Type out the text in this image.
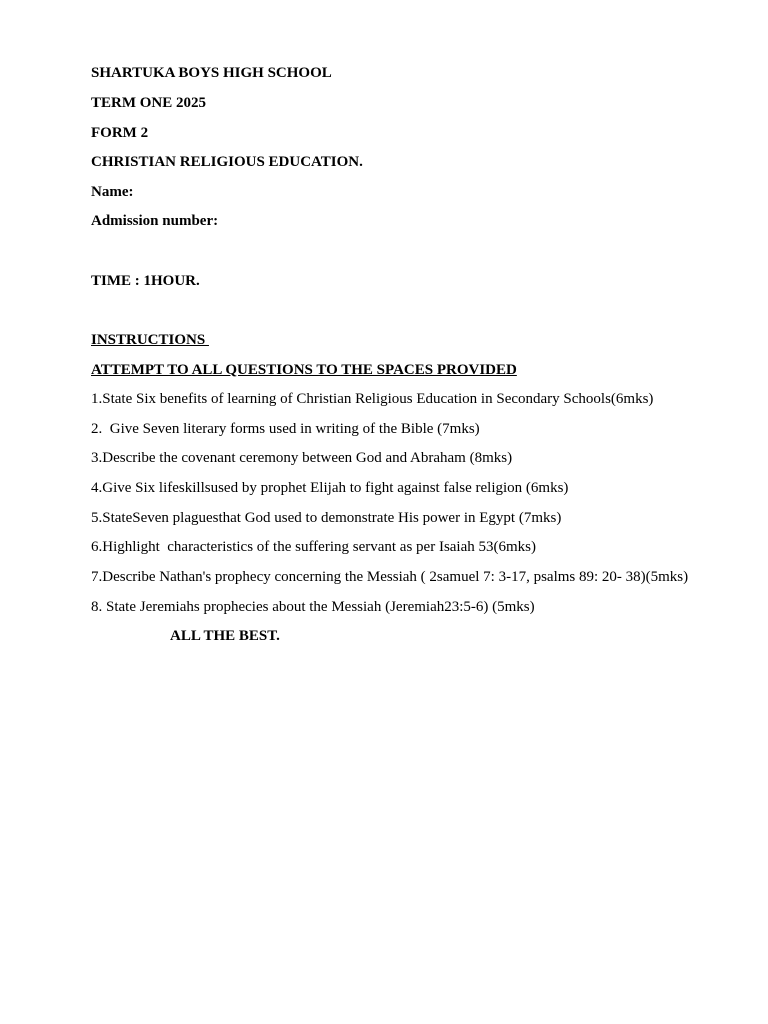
SHARTUKA BOYS HIGH SCHOOL
TERM ONE 2025
FORM 2
CHRISTIAN RELIGIOUS EDUCATION.
Name:
Admission number:
TIME : 1HOUR.
INSTRUCTIONS
ATTEMPT TO ALL QUESTIONS TO THE SPACES PROVIDED
1.State Six benefits of learning of Christian Religious Education in Secondary Schools(6mks)
2.  Give Seven literary forms used in writing of the Bible (7mks)
3.Describe the covenant ceremony between God and Abraham (8mks)
4.Give Six lifeskillsused by prophet Elijah to fight against false religion (6mks)
5.StateSeven plaguesthat God used to demonstrate His power in Egypt (7mks)
6.Highlight  characteristics of the suffering servant as per Isaiah 53(6mks)
7.Describe Nathan's prophecy concerning the Messiah ( 2samuel 7: 3-17, psalms 89: 20- 38)(5mks)
8. State Jeremiahs prophecies about the Messiah (Jeremiah23:5-6) (5mks)
ALL THE BEST.
